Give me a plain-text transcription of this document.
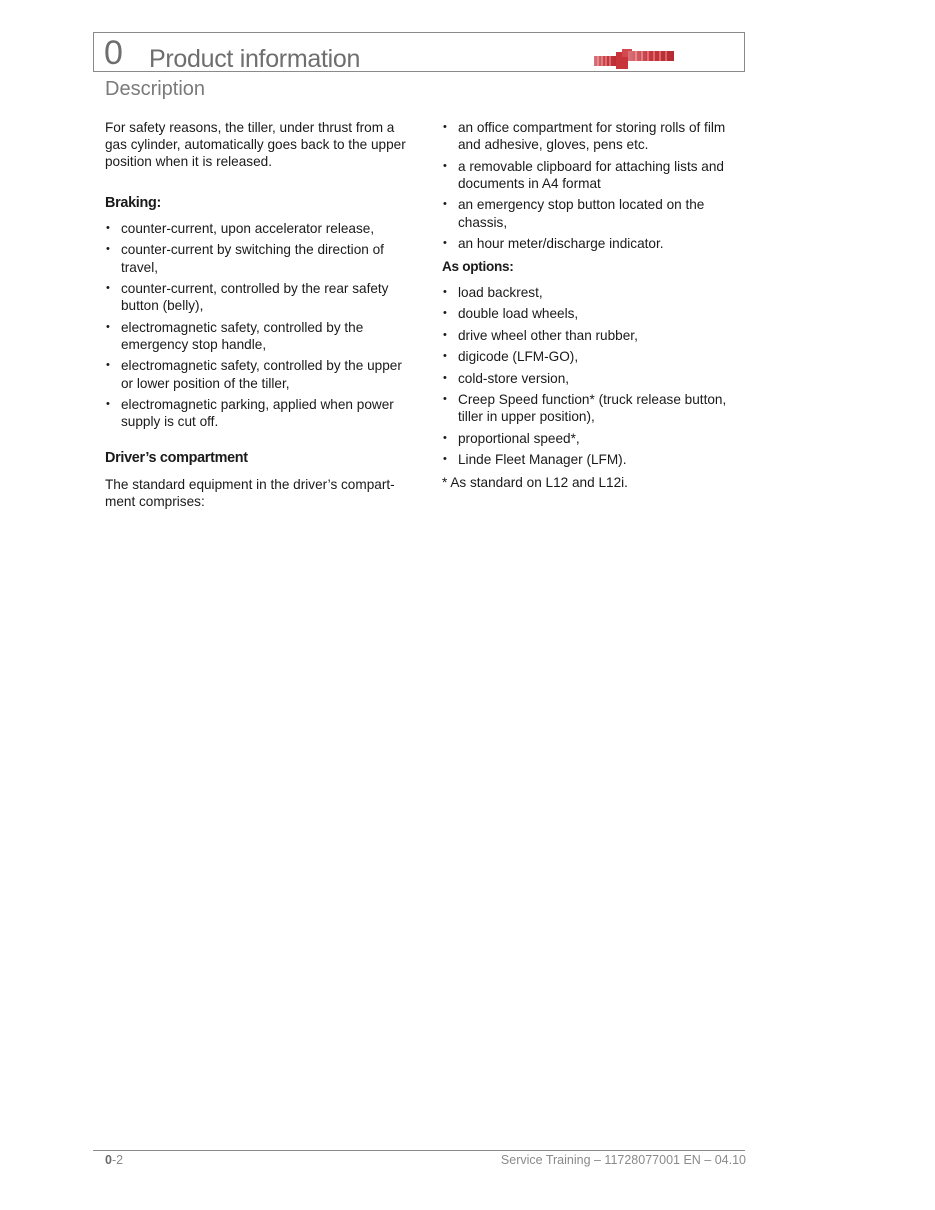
0 Product information
Description

For safety reasons, the tiller, under thrust from a gas cylinder, automatically goes back to the upper position when it is released.

Braking:

• counter-current, upon accelerator release,
• counter-current by switching the direction of travel,
• counter-current, controlled by the rear safety button (belly),
• electromagnetic safety, controlled by the emergency stop handle,
• electromagnetic safety, controlled by the upper or lower position of the tiller,
• electromagnetic parking, applied when power supply is cut off.

Driver’s compartment

The standard equipment in the driver’s compart-ment comprises:

• an office compartment for storing rolls of film and adhesive, gloves, pens etc.
• a removable clipboard for attaching lists and documents in A4 format
• an emergency stop button located on the chassis,
• an hour meter/discharge indicator.

As options:

• load backrest,
• double load wheels,
• drive wheel other than rubber,
• digicode (LFM-GO),
• cold-store version,
• Creep Speed function* (truck release button, tiller in upper position),
• proportional speed*,
• Linde Fleet Manager (LFM).

* As standard on L12 and L12i.

0-2	Service Training – 11728077001 EN – 04.10
